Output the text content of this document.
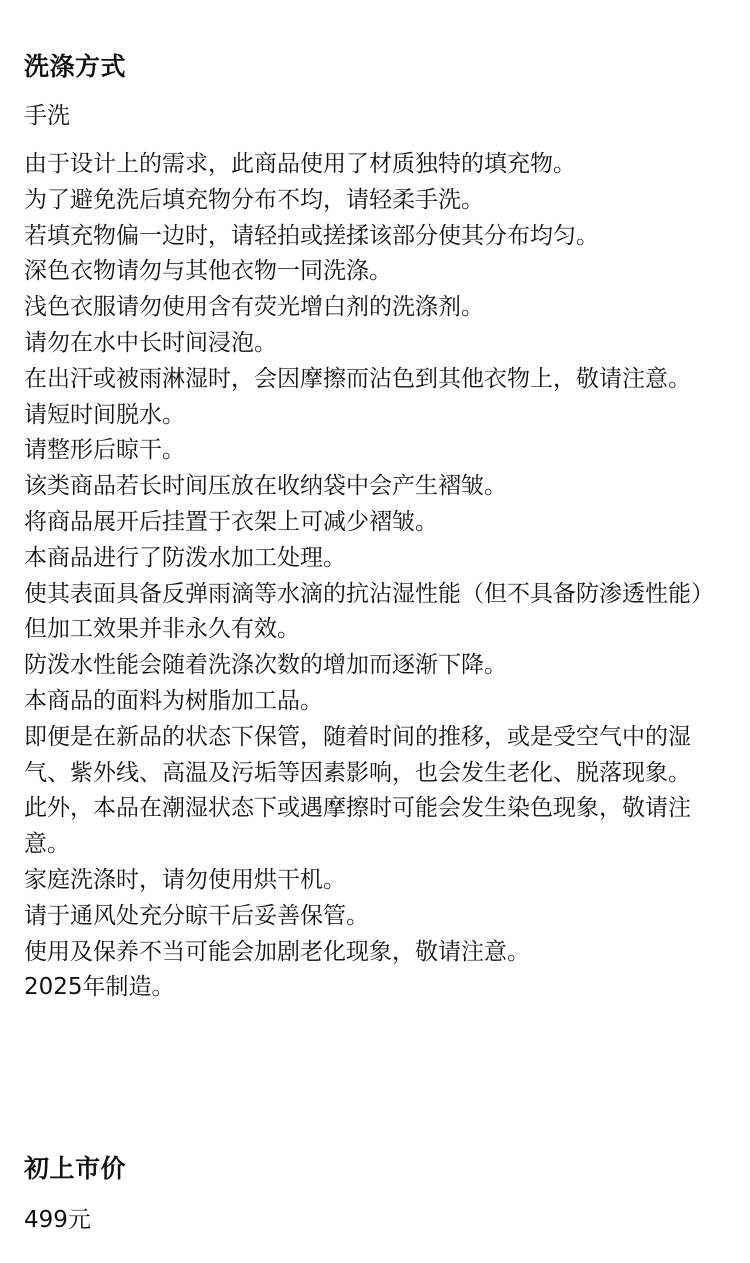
洗涤方式

手洗

由于设计上的需求，此商品使用了材质独特的填充物。
为了避免洗后填充物分布不均，请轻柔手洗。
若填充物偏一边时，请轻拍或搓揉该部分使其分布均匀。
深色衣物请勿与其他衣物一同洗涤。
浅色衣服请勿使用含有荧光增白剂的洗涤剂。
请勿在水中长时间浸泡。
在出汗或被雨淋湿时，会因摩擦而沾色到其他衣物上，敬请注意。
请短时间脱水。
请整形后晾干。
该类商品若长时间压放在收纳袋中会产生褶皱。
将商品展开后挂置于衣架上可减少褶皱。
本商品进行了防泼水加工处理。
使其表面具备反弹雨滴等水滴的抗沾湿性能（但不具备防渗透性能）但加工效果并非永久有效。
防泼水性能会随着洗涤次数的增加而逐渐下降。
本商品的面料为树脂加工品。
即便是在新品的状态下保管，随着时间的推移，或是受空气中的湿气、紫外线、高温及污垢等因素影响，也会发生老化、脱落现象。
此外，本品在潮湿状态下或遇摩擦时可能会发生染色现象，敬请注意。
家庭洗涤时，请勿使用烘干机。
请于通风处充分晾干后妥善保管。
使用及保养不当可能会加剧老化现象，敬请注意。
2025年制造。
初上市价

499元
